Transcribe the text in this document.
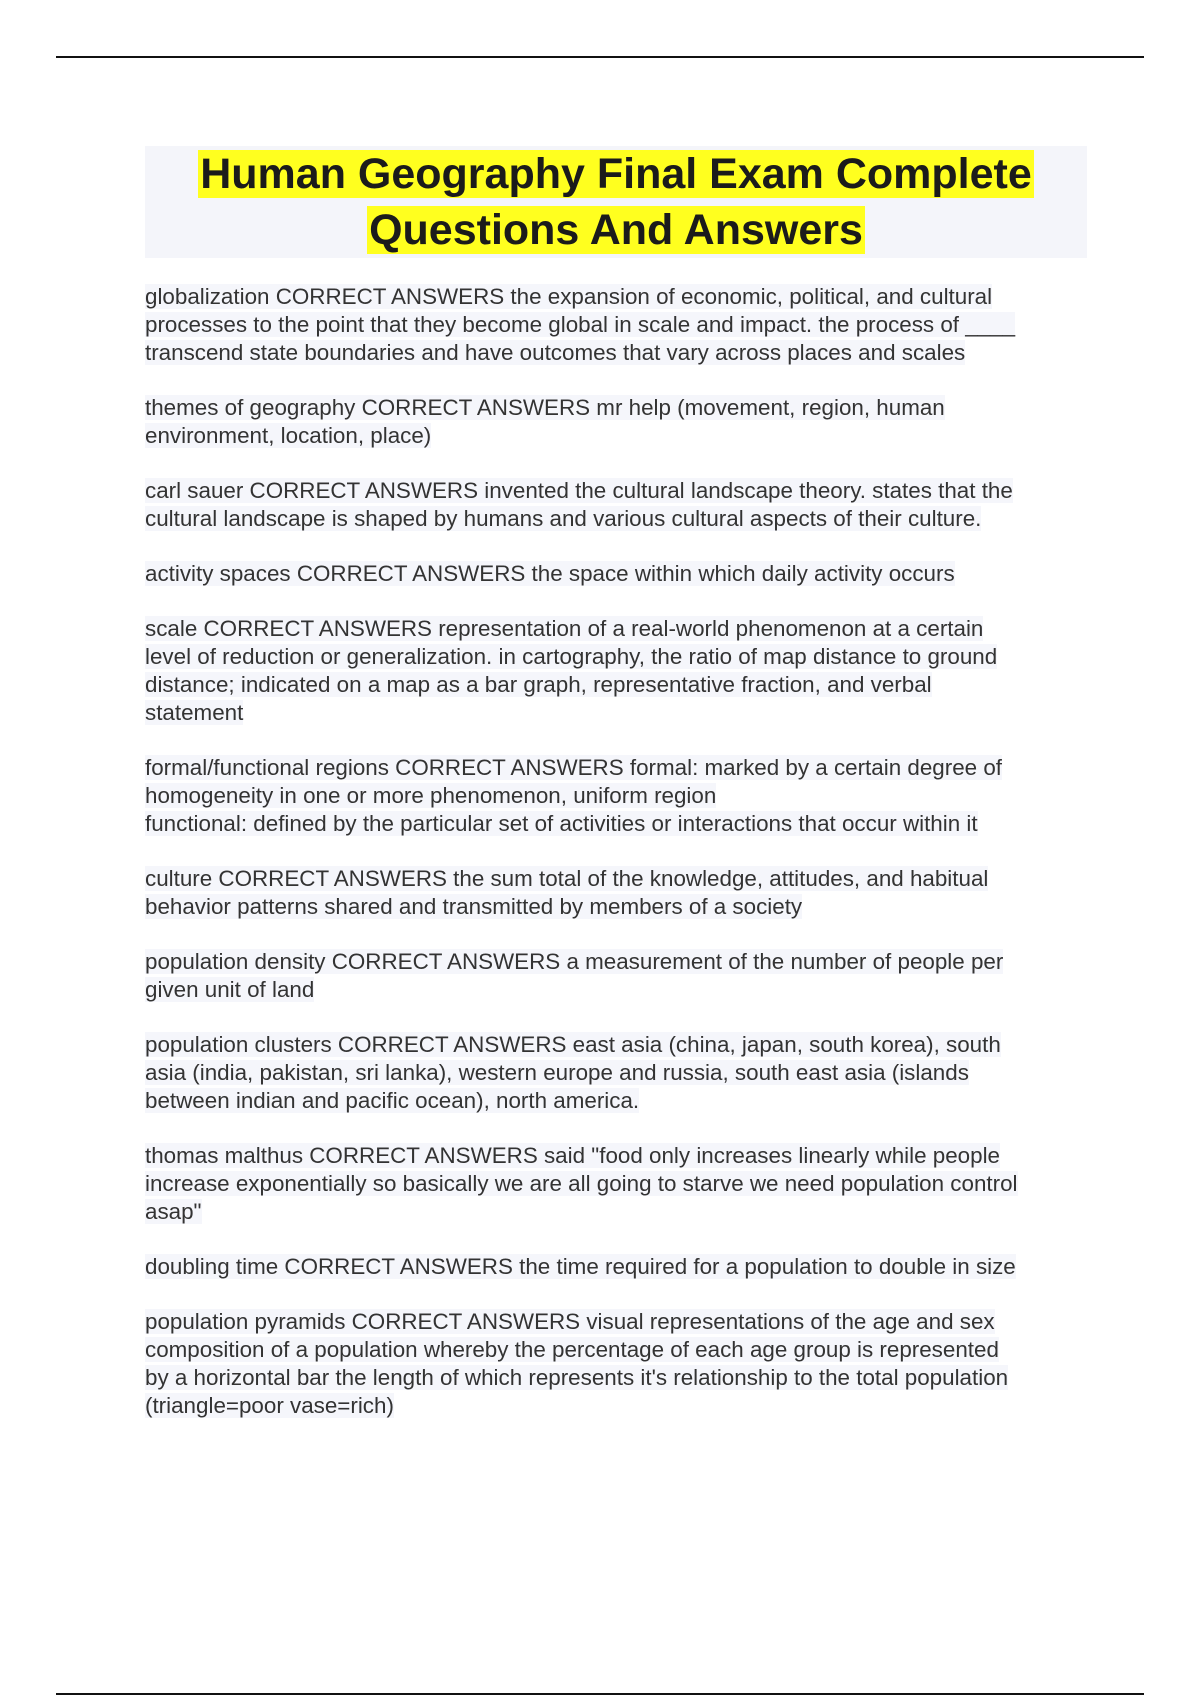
Human Geography Final Exam Complete
Questions And Answers

globalization CORRECT ANSWERS the expansion of economic, political, and cultural
processes to the point that they become global in scale and impact. the process of ____
transcend state boundaries and have outcomes that vary across places and scales

themes of geography CORRECT ANSWERS mr help (movement, region, human
environment, location, place)

carl sauer CORRECT ANSWERS invented the cultural landscape theory. states that the
cultural landscape is shaped by humans and various cultural aspects of their culture.

activity spaces CORRECT ANSWERS the space within which daily activity occurs

scale CORRECT ANSWERS representation of a real-world phenomenon at a certain
level of reduction or generalization. in cartography, the ratio of map distance to ground
distance; indicated on a map as a bar graph, representative fraction, and verbal
statement

formal/functional regions CORRECT ANSWERS formal: marked by a certain degree of
homogeneity in one or more phenomenon, uniform region
functional: defined by the particular set of activities or interactions that occur within it

culture CORRECT ANSWERS the sum total of the knowledge, attitudes, and habitual
behavior patterns shared and transmitted by members of a society

population density CORRECT ANSWERS a measurement of the number of people per
given unit of land

population clusters CORRECT ANSWERS east asia (china, japan, south korea), south
asia (india, pakistan, sri lanka), western europe and russia, south east asia (islands
between indian and pacific ocean), north america.

thomas malthus CORRECT ANSWERS said "food only increases linearly while people
increase exponentially so basically we are all going to starve we need population control
asap"

doubling time CORRECT ANSWERS the time required for a population to double in size

population pyramids CORRECT ANSWERS visual representations of the age and sex
composition of a population whereby the percentage of each age group is represented
by a horizontal bar the length of which represents it's relationship to the total population
(triangle=poor vase=rich)
